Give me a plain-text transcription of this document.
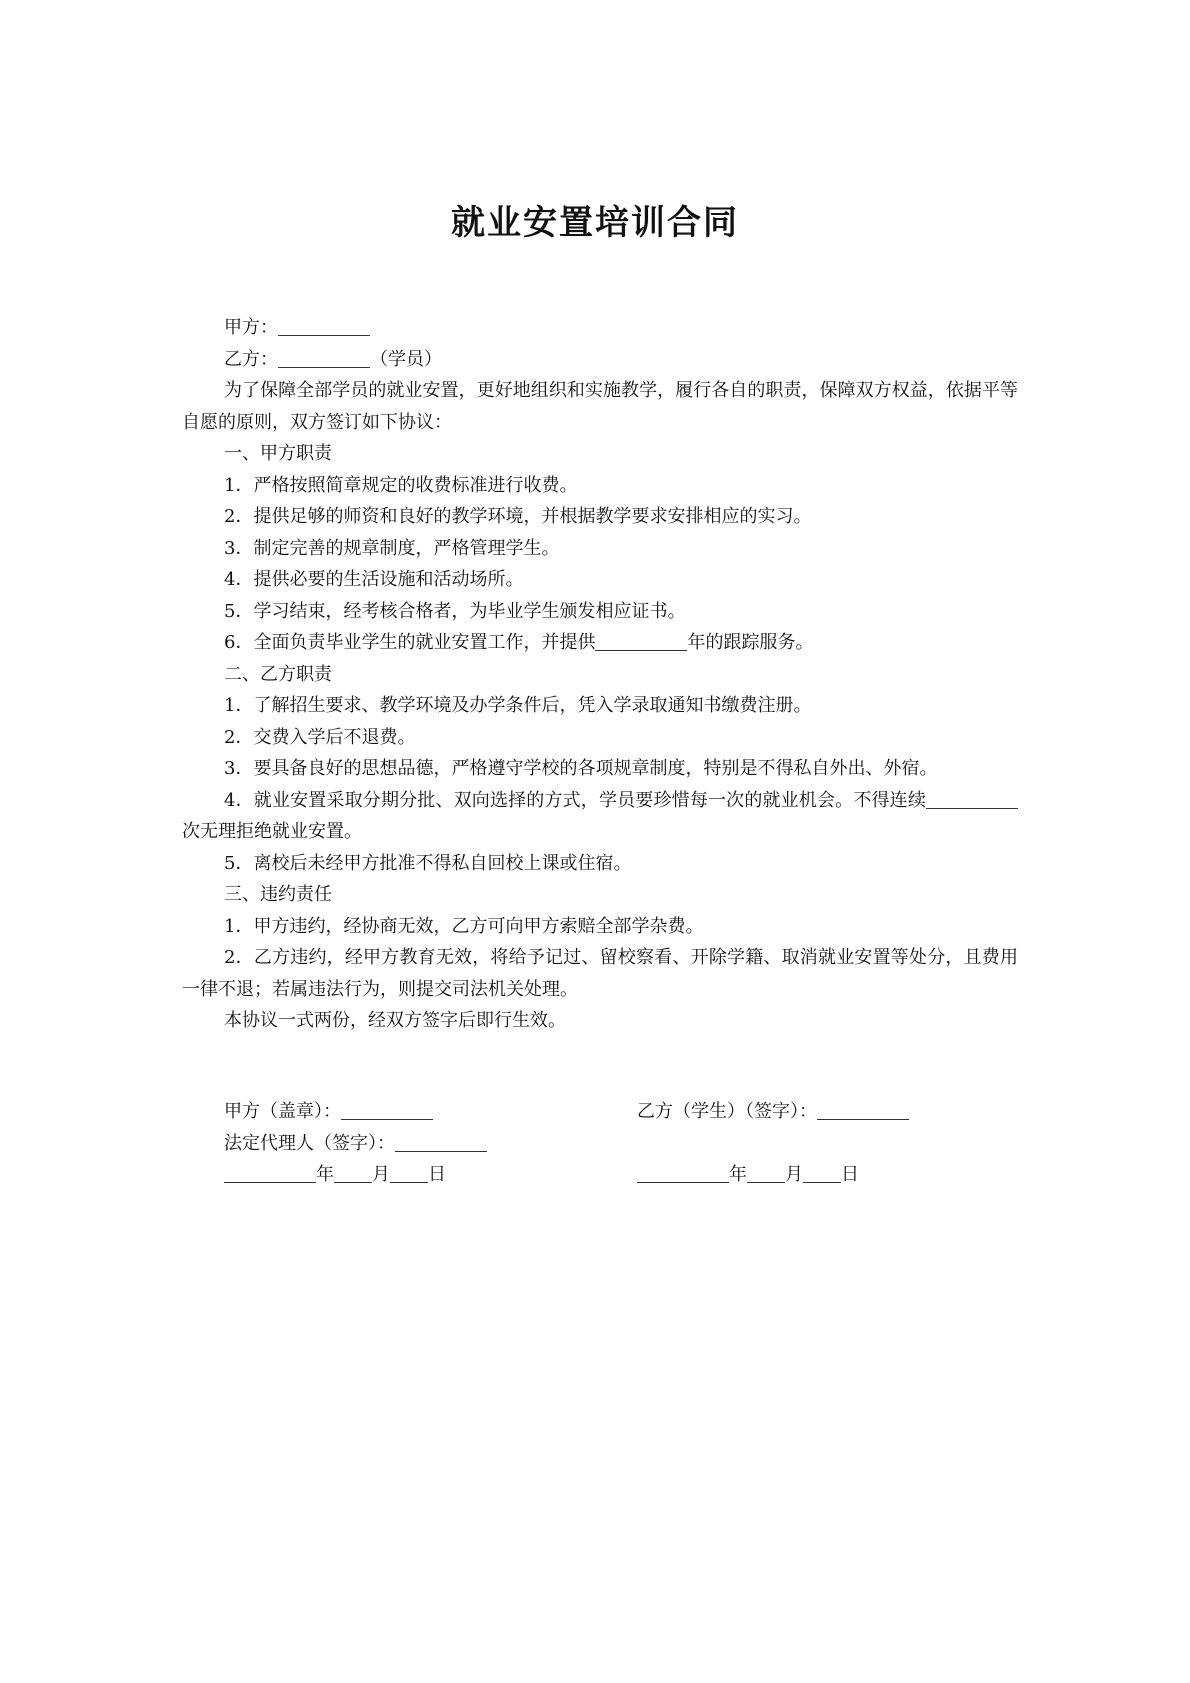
就业安置培训合同

甲方：

乙方：	（学员）

为了保障全部学员的就业安置，更好地组织和实施教学，履行各自的职责，保障双方权益，依据平等自愿的原则，双方签订如下协议：

一、甲方职责

1．严格按照简章规定的收费标准进行收费。

2．提供足够的师资和良好的教学环境，并根据教学要求安排相应的实习。

3．制定完善的规章制度，严格管理学生。

4．提供必要的生活设施和活动场所。

5．学习结束，经考核合格者，为毕业学生颁发相应证书。

6．全面负责毕业学生的就业安置工作，并提供	年的跟踪服务。

二、乙方职责

1．了解招生要求、教学环境及办学条件后，凭入学录取通知书缴费注册。

2．交费入学后不退费。

3．要具备良好的思想品德，严格遵守学校的各项规章制度，特别是不得私自外出、外宿。

4．就业安置采取分期分批、双向选择的方式，学员要珍惜每一次的就业机会。不得连续次无理拒绝就业安置。

5．离校后未经甲方批准不得私自回校上课或住宿。

三、违约责任

1．甲方违约，经协商无效，乙方可向甲方索赔全部学杂费。

2．乙方违约，经甲方教育无效，将给予记过、留校察看、开除学籍、取消就业安置等处分，且费用一律不退；若属违法行为，则提交司法机关处理。

本协议一式两份，经双方签字后即行生效。

甲方（盖章）：	乙方（学生）（签字）：
法定代理人（签字）：
年 月 日	年 月 日
